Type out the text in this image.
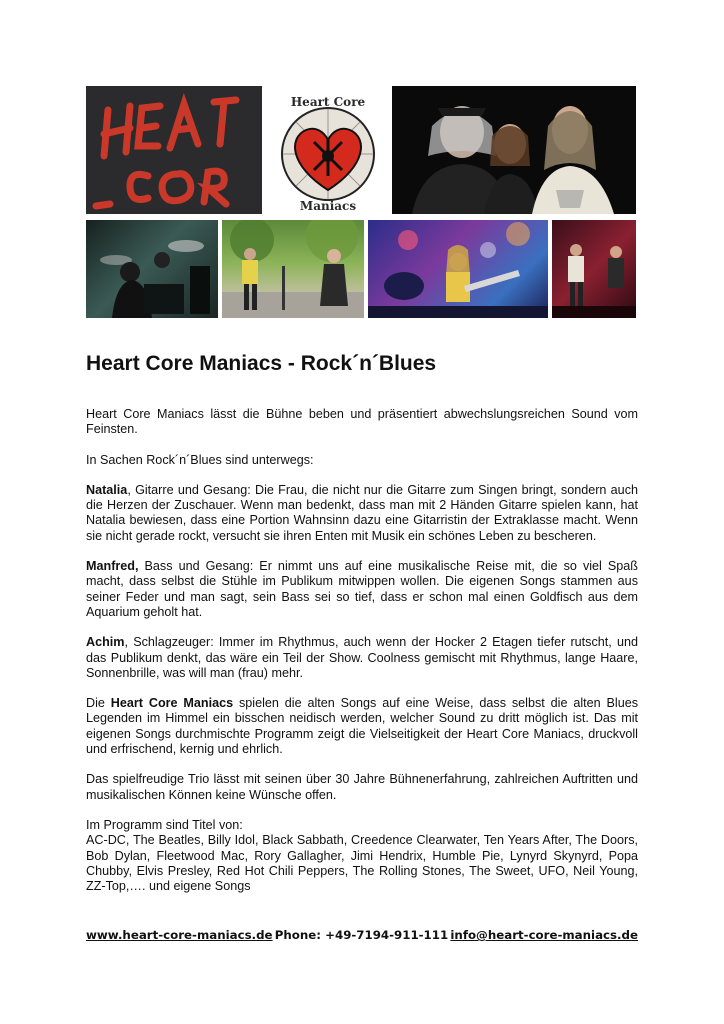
Heart Core
Maniacs
Heart Core Maniacs - Rock´n´Blues

Heart Core Maniacs lässt die Bühne beben und präsentiert abwechslungsreichen Sound vom Feinsten.

In Sachen Rock´n´Blues sind unterwegs:

Natalia, Gitarre und Gesang: Die Frau, die nicht nur die Gitarre zum Singen bringt, sondern auch die Herzen der Zuschauer. Wenn man bedenkt, dass man mit 2 Händen Gitarre spielen kann, hat Natalia bewiesen, dass eine Portion Wahnsinn dazu eine Gitarristin der Extraklasse macht. Wenn sie nicht gerade rockt, versucht sie ihren Enten mit Musik ein schönes Leben zu bescheren.

Manfred, Bass und Gesang: Er nimmt uns auf eine musikalische Reise mit, die so viel Spaß macht, dass selbst die Stühle im Publikum mitwippen wollen. Die eigenen Songs stammen aus seiner Feder und man sagt, sein Bass sei so tief, dass er schon mal einen Goldfisch aus dem Aquarium geholt hat.

Achim, Schlagzeuger: Immer im Rhythmus, auch wenn der Hocker 2 Etagen tiefer rutscht, und das Publikum denkt, das wäre ein Teil der Show. Coolness gemischt mit Rhythmus, lange Haare, Sonnenbrille, was will man (frau) mehr.

Die Heart Core Maniacs spielen die alten Songs auf eine Weise, dass selbst die alten Blues Legenden im Himmel ein bisschen neidisch werden, welcher Sound zu dritt möglich ist. Das mit eigenen Songs durchmischte Programm zeigt die Vielseitigkeit der Heart Core Maniacs, druckvoll und erfrischend, kernig und ehrlich.

Das spielfreudige Trio lässt mit seinen über 30 Jahre Bühnenerfahrung, zahlreichen Auftritten und musikalischen Können keine Wünsche offen.

Im Programm sind Titel von:

AC-DC, The Beatles, Billy Idol, Black Sabbath, Creedence Clearwater, Ten Years After, The Doors, Bob Dylan, Fleetwood Mac, Rory Gallagher, Jimi Hendrix, Humble Pie, Lynyrd Skynyrd, Popa Chubby, Elvis Presley, Red Hot Chili Peppers, The Rolling Stones, The Sweet, UFO, Neil Young, ZZ-Top,…. und eigene Songs

www.heart-core-maniacs.de Phone: +49-7194-911-111 info@heart-core-maniacs.de
